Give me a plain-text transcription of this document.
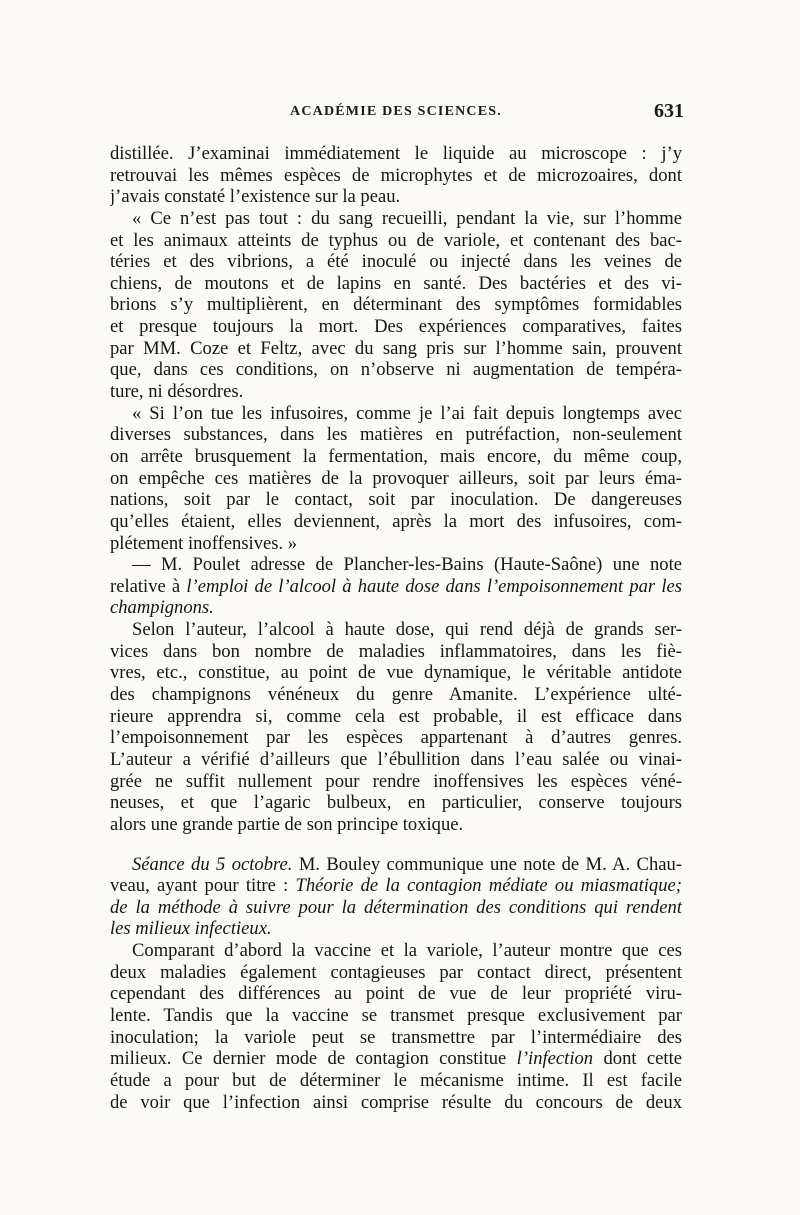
ACADÉMIE DES SCIENCES.	631
distillée. J’examinai immédiatement le liquide au microscope : j’y
retrouvai les mêmes espèces de microphytes et de microzoaires, dont
j’avais constaté l’existence sur la peau.
« Ce n’est pas tout : du sang recueilli, pendant la vie, sur l’homme
et les animaux atteints de typhus ou de variole, et contenant des bac-
téries et des vibrions, a été inoculé ou injecté dans les veines de
chiens, de moutons et de lapins en santé. Des bactéries et des vi-
brions s’y multiplièrent, en déterminant des symptômes formidables
et presque toujours la mort. Des expériences comparatives, faites
par MM. Coze et Feltz, avec du sang pris sur l’homme sain, prouvent
que, dans ces conditions, on n’observe ni augmentation de tempéra-
ture, ni désordres.
« Si l’on tue les infusoires, comme je l’ai fait depuis longtemps avec
diverses substances, dans les matières en putréfaction, non-seulement
on arrête brusquement la fermentation, mais encore, du même coup,
on empêche ces matières de la provoquer ailleurs, soit par leurs éma-
nations, soit par le contact, soit par inoculation. De dangereuses
qu’elles étaient, elles deviennent, après la mort des infusoires, com-
plétement inoffensives. »
— M. Poulet adresse de Plancher-les-Bains (Haute-Saône) une note
relative à l’emploi de l’alcool à haute dose dans l’empoisonnement par les
champignons.
Selon l’auteur, l’alcool à haute dose, qui rend déjà de grands ser-
vices dans bon nombre de maladies inflammatoires, dans les fiè-
vres, etc., constitue, au point de vue dynamique, le véritable antidote
des champignons vénéneux du genre Amanite. L’expérience ulté-
rieure apprendra si, comme cela est probable, il est efficace dans
l’empoisonnement par les espèces appartenant à d’autres genres.
L’auteur a vérifié d’ailleurs que l’ébullition dans l’eau salée ou vinai-
grée ne suffit nullement pour rendre inoffensives les espèces véné-
neuses, et que l’agaric bulbeux, en particulier, conserve toujours
alors une grande partie de son principe toxique.
Séance du 5 octobre. M. Bouley communique une note de M. A. Chau-
veau, ayant pour titre : Théorie de la contagion médiate ou miasmatique;
de la méthode à suivre pour la détermination des conditions qui rendent
les milieux infectieux.
Comparant d’abord la vaccine et la variole, l’auteur montre que ces
deux maladies également contagieuses par contact direct, présentent
cependant des différences au point de vue de leur propriété viru-
lente. Tandis que la vaccine se transmet presque exclusivement par
inoculation; la variole peut se transmettre par l’intermédiaire des
milieux. Ce dernier mode de contagion constitue l’infection dont cette
étude a pour but de déterminer le mécanisme intime. Il est facile
de voir que l’infection ainsi comprise résulte du concours de deux
